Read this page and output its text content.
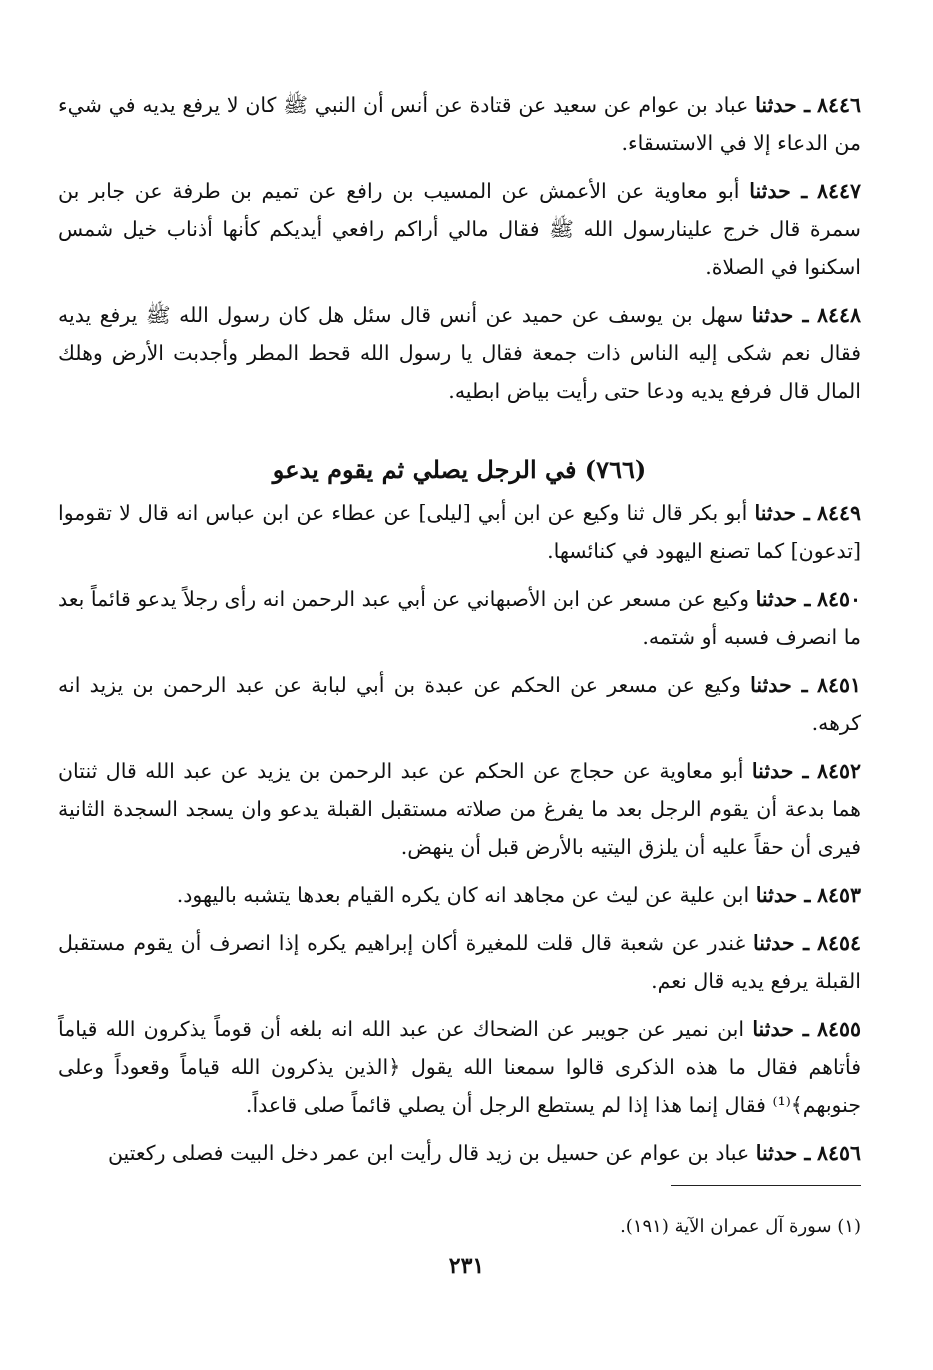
٨٤٤٦ ـ حدثنا عباد بن عوام عن سعيد عن قتادة عن أنس أن النبي ﷺ كان لا يرفع يديه في شيء من الدعاء إلا في الاستسقاء.

٨٤٤٧ ـ حدثنا أبو معاوية عن الأعمش عن المسيب بن رافع عن تميم بن طرفة عن جابر بن سمرة قال خرج علينارسول الله ﷺ فقال مالي أراكم رافعي أيديكم كأنها أذناب خيل شمس اسكنوا في الصلاة.

٨٤٤٨ ـ حدثنا سهل بن يوسف عن حميد عن أنس قال سئل هل كان رسول الله ﷺ يرفع يديه فقال نعم شكى إليه الناس ذات جمعة فقال يا رسول الله قحط المطر وأجدبت الأرض وهلك المال قال فرفع يديه ودعا حتى رأيت بياض ابطيه.

(٧٦٦) في الرجل يصلي ثم يقوم يدعو

٨٤٤٩ ـ حدثنا أبو بكر قال ثنا وكيع عن ابن أبي [ليلى] عن عطاء عن ابن عباس انه قال لا تقوموا [تدعون] كما تصنع اليهود في كنائسها.

٨٤٥٠ ـ حدثنا وكيع عن مسعر عن ابن الأصبهاني عن أبي عبد الرحمن انه رأى رجلاً يدعو قائماً بعد ما انصرف فسبه أو شتمه.

٨٤٥١ ـ حدثنا وكيع عن مسعر عن الحكم عن عبدة بن أبي لبابة عن عبد الرحمن بن يزيد انه كرهه.

٨٤٥٢ ـ حدثنا أبو معاوية عن حجاج عن الحكم عن عبد الرحمن بن يزيد عن عبد الله قال ثنتان هما بدعة أن يقوم الرجل بعد ما يفرغ من صلاته مستقبل القبلة يدعو وان يسجد السجدة الثانية فيرى أن حقاً عليه أن يلزق اليتيه بالأرض قبل أن ينهض.

٨٤٥٣ ـ حدثنا ابن علية عن ليث عن مجاهد انه كان يكره القيام بعدها يتشبه باليهود.

٨٤٥٤ ـ حدثنا غندر عن شعبة قال قلت للمغيرة أكان إبراهيم يكره إذا انصرف أن يقوم مستقبل القبلة يرفع يديه قال نعم.

٨٤٥٥ ـ حدثنا ابن نمير عن جويبر عن الضحاك عن عبد الله انه بلغه أن قوماً يذكرون الله قياماً فأتاهم فقال ما هذه الذكرى قالوا سمعنا الله يقول ﴿الذين يذكرون الله قياماً وقعوداً وعلى جنوبهم﴾⁽¹⁾ فقال إنما هذا إذا لم يستطع الرجل أن يصلي قائماً صلى قاعداً.

٨٤٥٦ ـ حدثنا عباد بن عوام عن حسيل بن زيد قال رأيت ابن عمر دخل البيت فصلى ركعتين

(١) سورة آل عمران الآية (١٩١).
٢٣١
